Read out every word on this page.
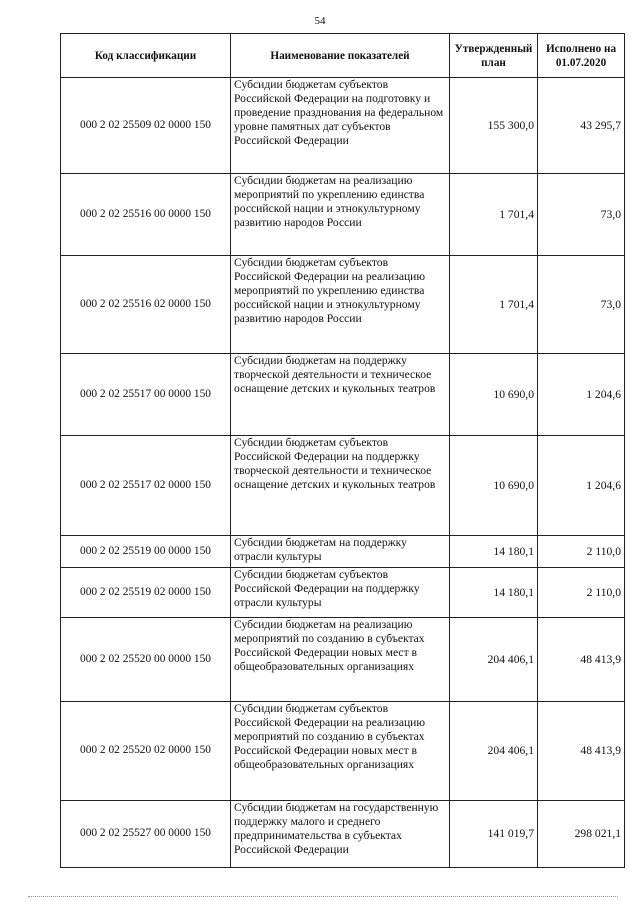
54
Код классификации	Наименование показателей	Утвержденный план	Исполнено на 01.07.2020
000 2 02 25509 02 0000 150	Субсидии бюджетам субъектов Российской Федерации на подготовку и проведение празднования на федеральном уровне памятных дат субъектов Российской Федерации	155 300,0	43 295,7
000 2 02 25516 00 0000 150	Субсидии бюджетам на реализацию мероприятий по укреплению единства российской нации и этнокультурному развитию народов России	1 701,4	73,0
000 2 02 25516 02 0000 150	Субсидии бюджетам субъектов Российской Федерации на реализацию мероприятий по укреплению единства российской нации и этнокультурному развитию народов России	1 701,4	73,0
000 2 02 25517 00 0000 150	Субсидии бюджетам на поддержку творческой деятельности и техническое оснащение детских и кукольных театров	10 690,0	1 204,6
000 2 02 25517 02 0000 150	Субсидии бюджетам субъектов Российской Федерации на поддержку творческой деятельности и техническое оснащение детских и кукольных театров	10 690,0	1 204,6
000 2 02 25519 00 0000 150	Субсидии бюджетам на поддержку отрасли культуры	14 180,1	2 110,0
000 2 02 25519 02 0000 150	Субсидии бюджетам субъектов Российской Федерации на поддержку отрасли культуры	14 180,1	2 110,0
000 2 02 25520 00 0000 150	Субсидии бюджетам на реализацию мероприятий по созданию в субъектах Российской Федерации новых мест в общеобразовательных организациях	204 406,1	48 413,9
000 2 02 25520 02 0000 150	Субсидии бюджетам субъектов Российской Федерации на реализацию мероприятий по созданию в субъектах Российской Федерации новых мест в общеобразовательных организациях	204 406,1	48 413,9
000 2 02 25527 00 0000 150	Субсидии бюджетам на государственную поддержку малого и среднего предпринимательства в субъектах Российской Федерации	141 019,7	298 021,1
